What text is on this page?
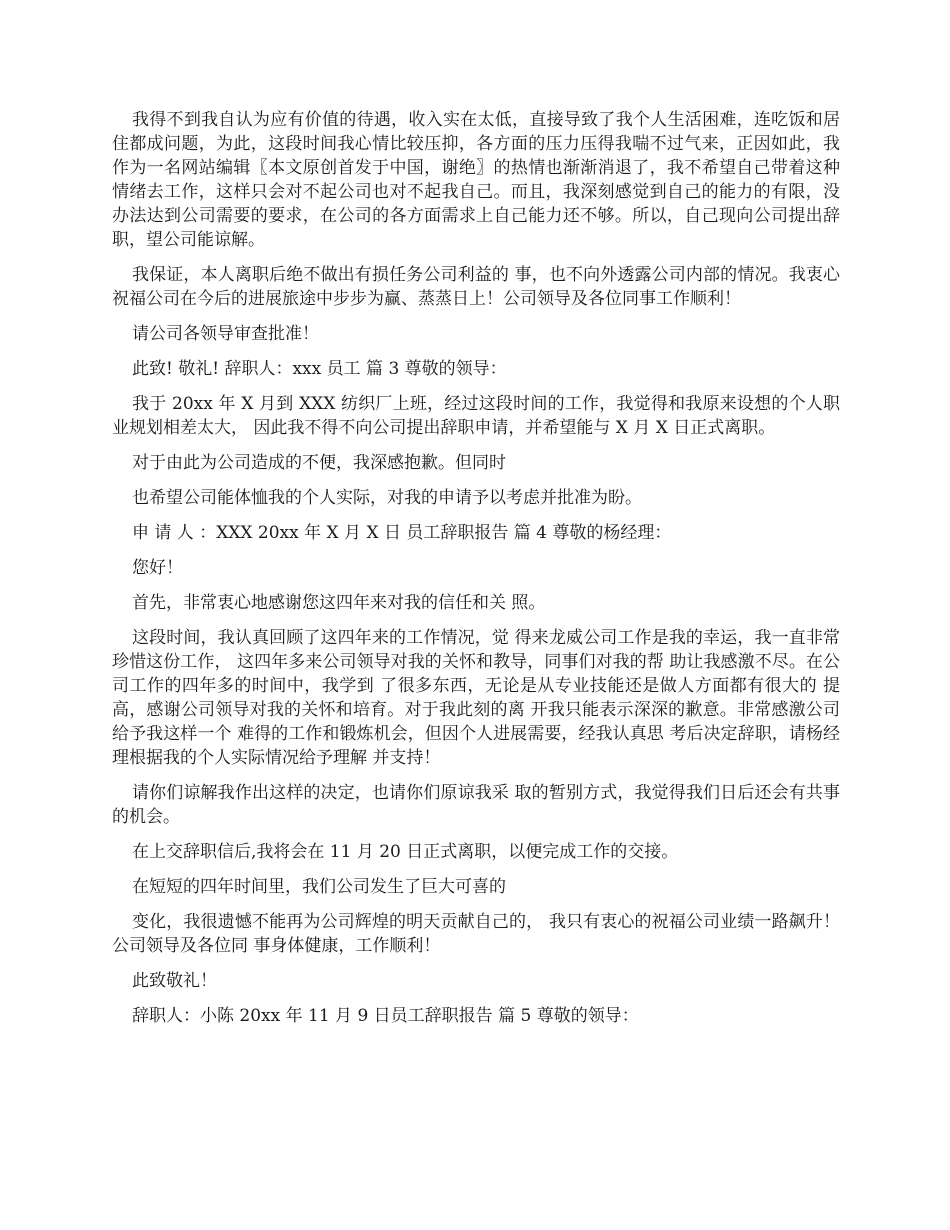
我得不到我自认为应有价值的待遇，收入实在太低，直接导致了我个人生活困难，连吃饭和居住都成问题，为此，这段时间我心情比较压抑，各方面的压力压得我喘不过气来，正因如此，我作为一名网站编辑〖本文原创首发于中国，谢绝〗的热情也渐渐消退了，我不希望自己带着这种情绪去工作，这样只会对不起公司也对不起我自己。而且，我深刻感觉到自己的能力的有限，没办法达到公司需要的要求，在公司的各方面需求上自己能力还不够。所以，自己现向公司提出辞职，望公司能谅解。

我保证，本人离职后绝不做出有损任务公司利益的 事，也不向外透露公司内部的情况。我衷心祝福公司在今后的进展旅途中步步为赢、蒸蒸日上！公司领导及各位同事工作顺利！

请公司各领导审查批准！

此致! 敬礼! 辞职人：xxx 员工 篇 3 尊敬的领导：

我于 20xx 年 X 月到 XXX 纺织厂上班，经过这段时间的工作，我觉得和我原来设想的个人职业规划相差太大， 因此我不得不向公司提出辞职申请，并希望能与 X 月 X 日正式离职。

对于由此为公司造成的不便，我深感抱歉。但同时

也希望公司能体恤我的个人实际，对我的申请予以考虑并批准为盼。

申 请 人 ：XXX 20xx 年 X 月 X 日 员工辞职报告 篇 4 尊敬的杨经理：

您好！

首先，非常衷心地感谢您这四年来对我的信任和关 照。

这段时间，我认真回顾了这四年来的工作情况，觉 得来龙威公司工作是我的幸运，我一直非常珍惜这份工作， 这四年多来公司领导对我的关怀和教导，同事们对我的帮 助让我感激不尽。在公司工作的四年多的时间中，我学到 了很多东西，无论是从专业技能还是做人方面都有很大的 提高，感谢公司领导对我的关怀和培育。对于我此刻的离 开我只能表示深深的歉意。非常感激公司给予我这样一个 难得的工作和锻炼机会，但因个人进展需要，经我认真思 考后决定辞职，请杨经理根据我的个人实际情况给予理解 并支持！

请你们谅解我作出这样的决定，也请你们原谅我采 取的暂别方式，我觉得我们日后还会有共事的机会。

在上交辞职信后,我将会在 11 月 20 日正式离职，以便完成工作的交接。

在短短的四年时间里，我们公司发生了巨大可喜的

变化，我很遗憾不能再为公司辉煌的明天贡献自己的， 我只有衷心的祝福公司业绩一路飙升！公司领导及各位同 事身体健康，工作顺利！

此致敬礼！

辞职人：小陈 20xx 年 11 月 9 日员工辞职报告 篇 5 尊敬的领导：
